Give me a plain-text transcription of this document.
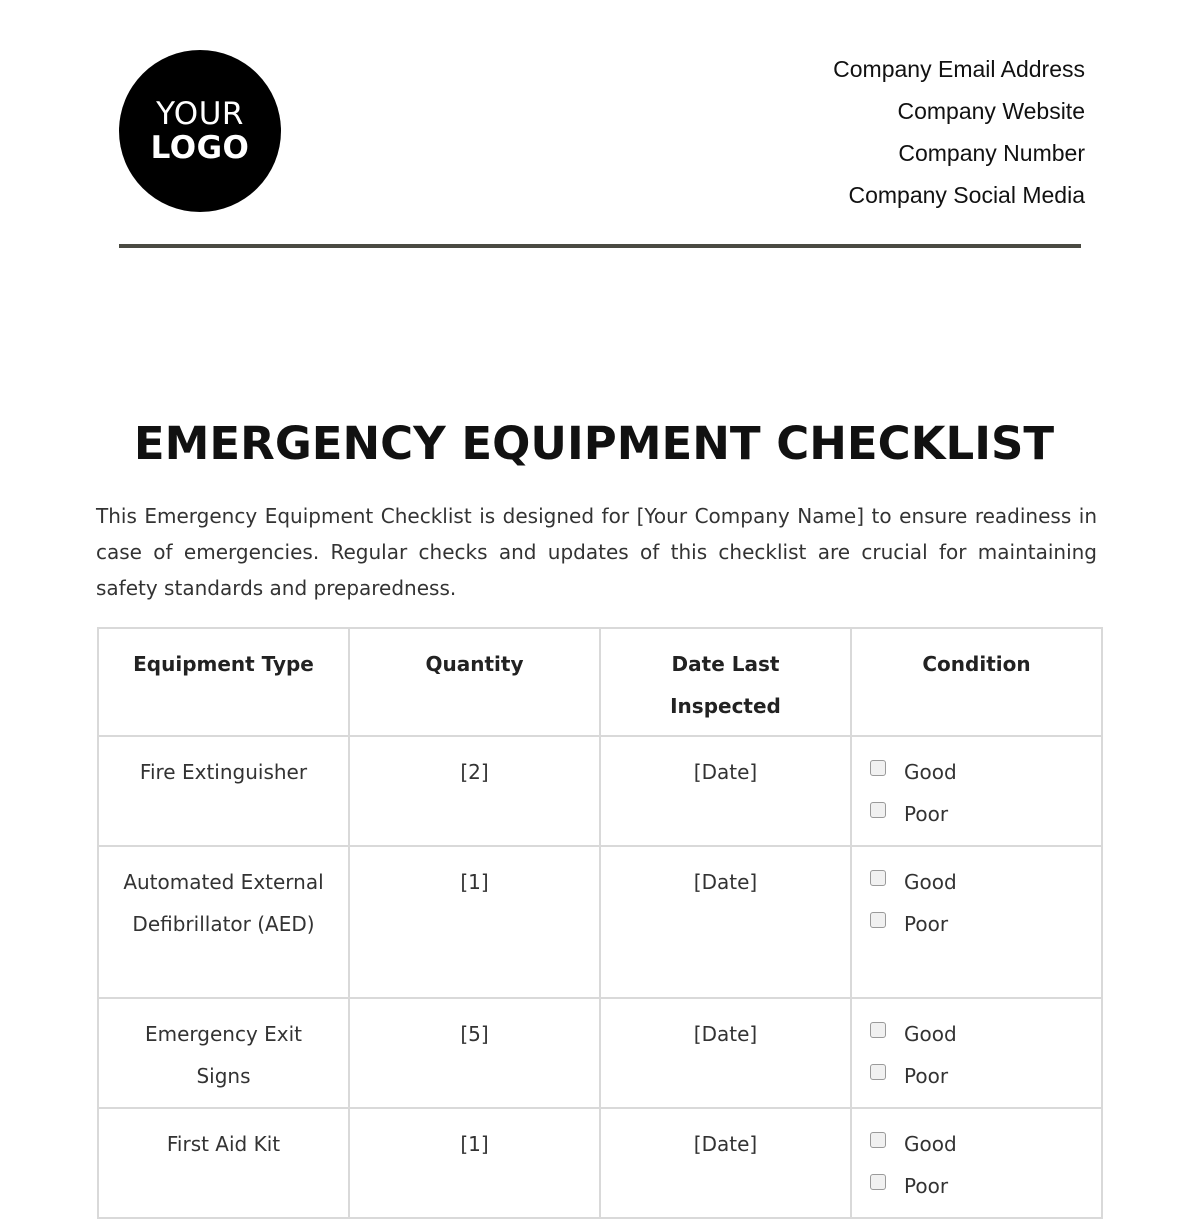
YOUR
LOGO
Company Email Address
Company Website
Company Number
Company Social Media
EMERGENCY EQUIPMENT CHECKLIST
This Emergency Equipment Checklist is designed for [Your Company Name] to ensure readiness in case of emergencies. Regular checks and updates of this checklist are crucial for maintaining safety standards and preparedness.
Equipment Type	Quantity	Date Last Inspected	Condition
Fire Extinguisher	[2]	[Date]	Good
Poor

Automated External Defibrillator (AED)	[1]	[Date]	Good
Poor

Emergency Exit Signs	[5]	[Date]	Good
Poor

First Aid Kit	[1]	[Date]	Good
Poor
